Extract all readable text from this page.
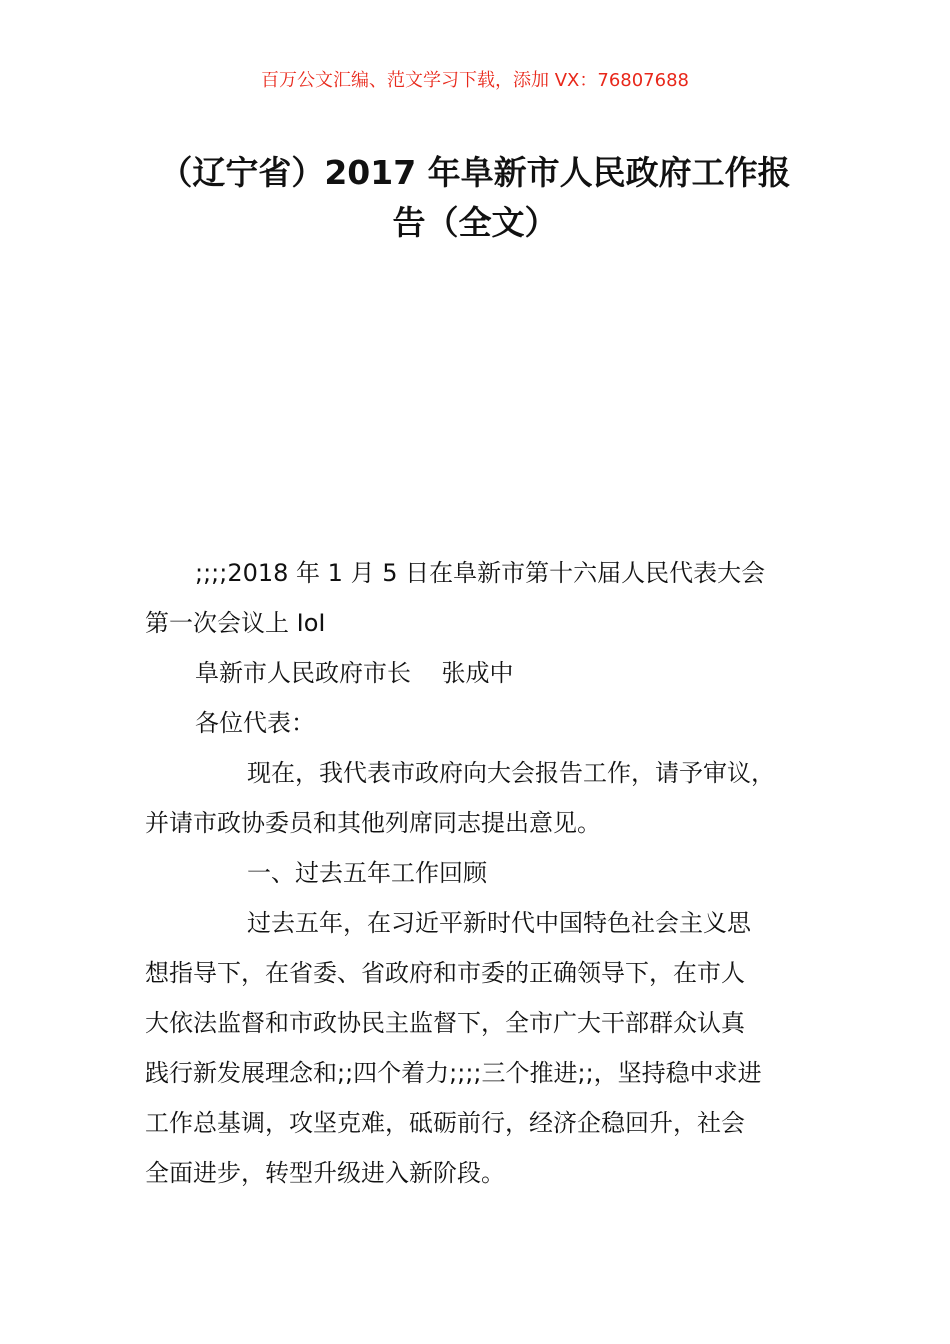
百万公文汇编、范文学习下载，添加 VX：76807688
（辽宁省）2017 年阜新市人民政府工作报
告（全文）
;;;;2018 年 1 月 5 日在阜新市第十六届人民代表大会
第一次会议上 IoI
阜新市人民政府市长    张成中
各位代表：
现在，我代表市政府向大会报告工作，请予审议，
并请市政协委员和其他列席同志提出意见。
一、过去五年工作回顾
过去五年，在习近平新时代中国特色社会主义思
想指导下，在省委、省政府和市委的正确领导下，在市人
大依法监督和市政协民主监督下，全市广大干部群众认真
践行新发展理念和;;四个着力;;;;三个推进;;，坚持稳中求进
工作总基调，攻坚克难，砥砺前行，经济企稳回升，社会
全面进步，转型升级进入新阶段。
